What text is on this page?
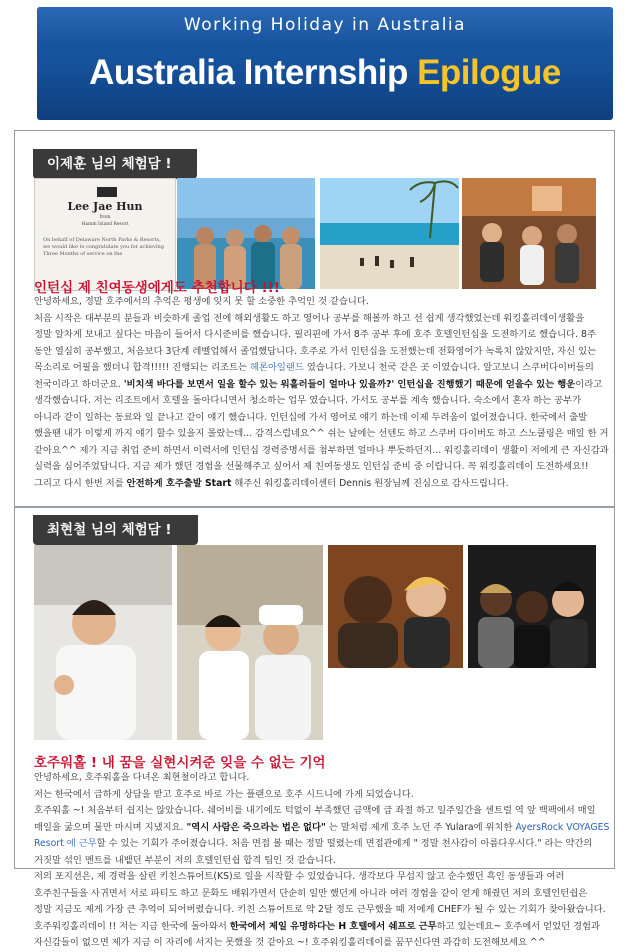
Working Holiday in Australia
Australia Internship Epilogue
이제훈 님의 체험담 !
Lee Jae Hun
from
Hamm Island Resort
On behalf of Delaware North Parks & Resorts, we would like to congratulate you for achieving Three Months of service on the
인턴십 제 친여동생에게도 추천합니다 !!!

안녕하세요, 정말 호주에서의 추억은 평생에 잊지 못 할 소중한 추억인 것 같습니다.

처음 시작은 대부분의 분들과 비슷하게 졸업 전에 해외생활도 하고 영어나 공부를 해볼까 하고 선 쉽게 생각했었는데 워킹홀리데이생활을

정말 알차게 보내고 싶다는 마음이 들어서 다시준비를 했습니다. 필리핀에 가서 8주 공부 후에 호주 호텔인턴십을 도전하기로 했습니다. 8주

동안 열심히 공부했고, 처음보다 3단계 레벨업해서 졸업했답니다. 호주로 가서 인턴십을 도전했는데 전화영어가 녹록치 않았지만, 자신 있는

목소리로 어필을 했더니 합격!!!!! 진행되는 리조트는 헤론아일랜드 였습니다. 가보니 천국 같은 곳 이였습니다. 알고보니 스쿠버다이버들의

천국이라고 하더군요. '비치색 바다를 보면서 일을 할수 있는 워홀러들이 얼마나 있을까?' 인턴십을 진행했기 때문에 얻을수 있는 행운이라고

생각했습니다. 저는 리조트에서 호텔을 돌아다니면서 청소하는 업무 였습니다. 가서도 공부를 계속 했습니다. 숙소에서 혼자 하는 공부가

아니라 같이 일하는 동료와 일 끝나고 같이 얘기 했습니다. 인턴십에 가서 영어로 얘기 하는데 이제 두려움이 없어졌습니다. 한국에서 출발

했을땐 내가 이렇게 까지 얘기 할수 있을지 몰랐는데... 감격스럽네요^^ 쉬는 날에는 선텐도 하고 스쿠버 다이버도 하고 스노쿨링은 매일 한 거

같아요^^ 제가 지금 취업 준비 하면서 이력서에 인턴십 경력증명서를 첨부하면 얼마나 뿌듯하던지... 워킹홀리데이 생활이 저에게 큰 자신감과

실력을 심어주었답니다. 지금 제가 했던 경험을 선물해주고 싶어서 제 친여동생도 인턴십 준비 중 이랍니다. 꼭 워킹홀리데이 도전하세요!!

그리고 다시 한번 저를 안전하게 호주출발 Start 해주신 워킹홀리데이센터 Dennis 원장님께 진심으로 감사드립니다.

최현철 님의 체험담 !
호주워홀 ! 내 꿈을 실현시켜준 잊을 수 없는 기억

안녕하세요, 호주워홀을 다녀온 최현철이라고 합니다.

저는 한국에서 급하게 상담을 받고 호주로 바로 가는 플랜으로 호주 시드니에 가게 되었습니다.

호주워홀 ~! 처음부터 쉽지는 않았습니다. 쉐어비를 내기에도 턱없이 부족했던 금액에 급 좌절 하고 일주일간을 센트럴 역 앞 백팩에서 매일

매일을 굶으며 물만 마시며 지냈지요. "역시 사람은 죽으라는 법은 없다" 는 말처럼 제게 호주 노던 주 Yulara에 위치한 AyersRock VOYAGES

Resort 에 근무할 수 있는 기회가 주어졌습니다. 처음 면접 볼 때는 정말 떨렸는데 면접관에게 " 정말 천사감이 아름다우시다." 라는 약간의

거짓말 섞인 멘트를 내뱉던 부분이 저의 호텔인턴쉽 합격 팁인 것 같습니다.

저의 포지션은, 제 경력을 살린 키친스튜어트(KS)로 일을 시작할 수 있었습니다. 생각보다 무섭지 않고 순수했던 흑인 동생들과 여러

호주친구들을 사귀면서 서로 파티도 하고 문화도 배워가면서 단순히 일만 했던게 아니라 여러 경험을 같이 얻게 해줬던 저의 호텔인턴쉽은

정말 지금도 제게 가장 큰 추억이 되어버렸습니다. 키친 스튜어트로 약 2달 정도 근무했을 때 저에게 CHEF가 될 수 있는 기회가 찾아왔습니다.

호주워킹홀리데이 !! 저는 지금 한국에 돌아와서 한국에서 제일 유명하다는 H 호텔에서 쉐프로 근무하고 있는데요~ 호주에서 얻었던 경험과

자신감들이 없으면 제가 지금 이 자리에 서지는 못했을 것 같아요 ~! 호주워킹홀리데이를 꿈꾸신다면 과감히 도전해보세요 ^^
